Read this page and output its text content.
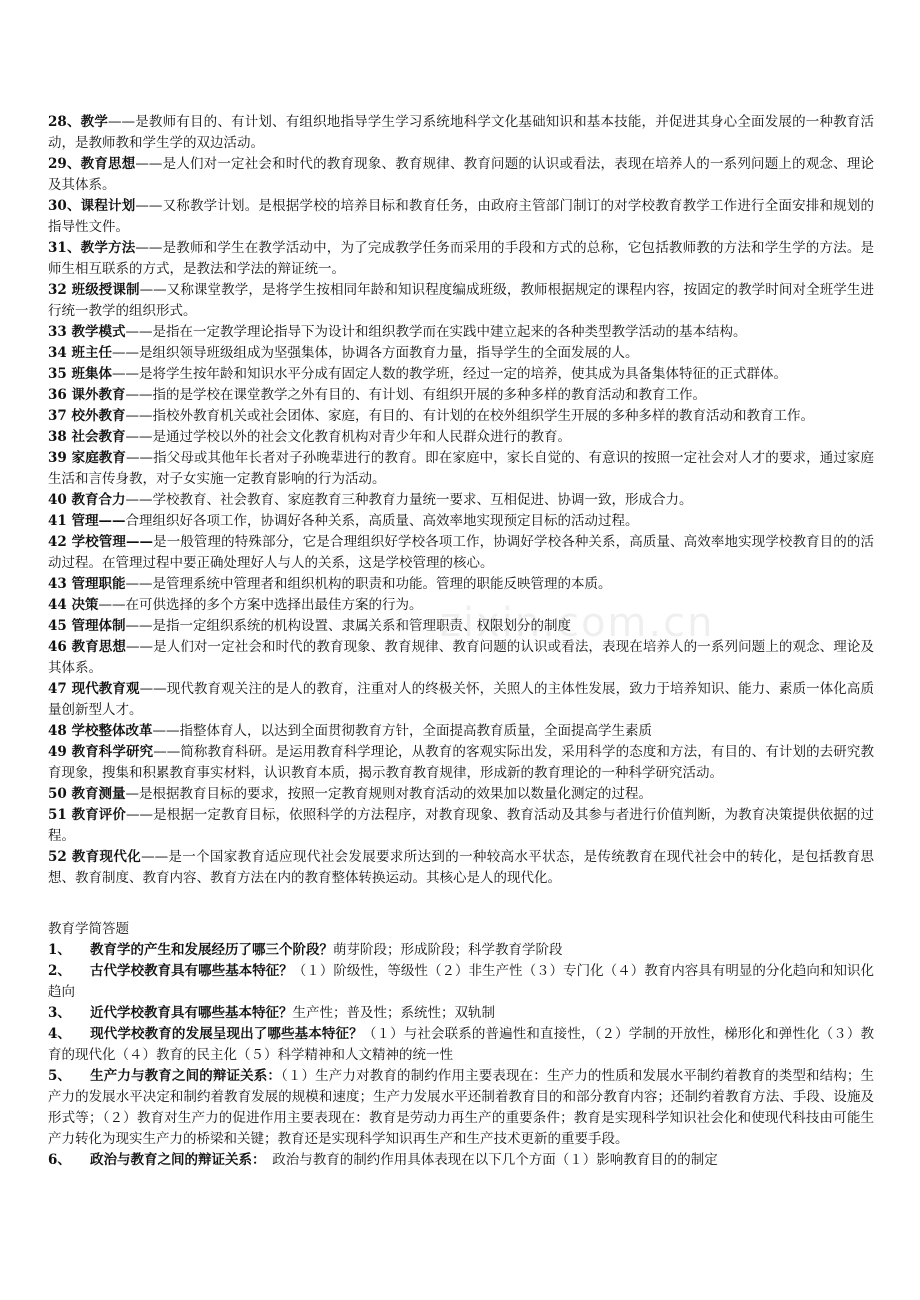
28、教学——是教师有目的、有计划、有组织地指导学生学习系统地科学文化基础知识和基本技能，并促进其身心全面发展的一种教育活动，是教师教和学生学的双边活动。

29、教育思想——是人们对一定社会和时代的教育现象、教育规律、教育问题的认识或看法，表现在培养人的一系列问题上的观念、理论及其体系。

30、课程计划——又称教学计划。是根据学校的培养目标和教育任务，由政府主管部门制订的对学校教育教学工作进行全面安排和规划的指导性文件。

31、教学方法——是教师和学生在教学活动中，为了完成教学任务而采用的手段和方式的总称，它包括教师教的方法和学生学的方法。是师生相互联系的方式，是教法和学法的辩证统一。

32 班级授课制——又称课堂教学，是将学生按相同年龄和知识程度编成班级，教师根据规定的课程内容，按固定的教学时间对全班学生进行统一教学的组织形式。

33 教学模式——是指在一定教学理论指导下为设计和组织教学而在实践中建立起来的各种类型教学活动的基本结构。

34 班主任——是组织领导班级组成为坚强集体，协调各方面教育力量，指导学生的全面发展的人。

35 班集体——是将学生按年龄和知识水平分成有固定人数的教学班，经过一定的培养，使其成为具备集体特征的正式群体。

36 课外教育——指的是学校在课堂教学之外有目的、有计划、有组织开展的多种多样的教育活动和教育工作。

37 校外教育——指校外教育机关或社会团体、家庭，有目的、有计划的在校外组织学生开展的多种多样的教育活动和教育工作。

38 社会教育——是通过学校以外的社会文化教育机构对青少年和人民群众进行的教育。

39 家庭教育——指父母或其他年长者对子孙晚辈进行的教育。即在家庭中，家长自觉的、有意识的按照一定社会对人才的要求，通过家庭生活和言传身教，对子女实施一定教育影响的行为活动。

40 教育合力——学校教育、社会教育、家庭教育三种教育力量统一要求、互相促进、协调一致，形成合力。

41 管理——合理组织好各项工作，协调好各种关系，高质量、高效率地实现预定目标的活动过程。

42 学校管理——是一般管理的特殊部分，它是合理组织好学校各项工作，协调好学校各种关系，高质量、高效率地实现学校教育目的的活动过程。在管理过程中要正确处理好人与人的关系，这是学校管理的核心。

43 管理职能——是管理系统中管理者和组织机构的职责和功能。管理的职能反映管理的本质。

44 决策——在可供选择的多个方案中选择出最佳方案的行为。

45 管理体制——是指一定组织系统的机构设置、隶属关系和管理职责、权限划分的制度

46 教育思想——是人们对一定社会和时代的教育现象、教育规律、教育问题的认识或看法，表现在培养人的一系列问题上的观念、理论及其体系。

47 现代教育观——现代教育观关注的是人的教育，注重对人的终极关怀，关照人的主体性发展，致力于培养知识、能力、素质一体化高质量创新型人才。

48 学校整体改革——指整体育人，以达到全面贯彻教育方针，全面提高教育质量，全面提高学生素质

49 教育科学研究——简称教育科研。是运用教育科学理论，从教育的客观实际出发，采用科学的态度和方法，有目的、有计划的去研究教育现象，搜集和积累教育事实材料，认识教育本质，揭示教育教育规律，形成新的教育理论的一种科学研究活动。

50 教育测量—是根据教育目标的要求，按照一定教育规则对教育活动的效果加以数量化测定的过程。

51 教育评价——是根据一定教育目标，依照科学的方法程序，对教育现象、教育活动及其参与者进行价值判断，为教育决策提供依据的过程。

52 教育现代化——是一个国家教育适应现代社会发展要求所达到的一种较高水平状态，是传统教育在现代社会中的转化，是包括教育思想、教育制度、教育内容、教育方法在内的教育整体转换运动。其核心是人的现代化。

教育学简答题

1、 教育学的产生和发展经历了哪三个阶段？萌芽阶段；形成阶段；科学教育学阶段

2、 古代学校教育具有哪些基本特征？（１）阶级性，等级性（２）非生产性（３）专门化（４）教育内容具有明显的分化趋向和知识化趋向

3、 近代学校教育具有哪些基本特征？生产性；普及性；系统性；双轨制

4、 现代学校教育的发展呈现出了哪些基本特征？（１）与社会联系的普遍性和直接性，（２）学制的开放性，梯形化和弹性化（３）教育的现代化（４）教育的民主化（５）科学精神和人文精神的统一性

5、 生产力与教育之间的辩证关系：（１）生产力对教育的制约作用主要表现在：生产力的性质和发展水平制约着教育的类型和结构；生产力的发展水平决定和制约着教育发展的规模和速度；生产力发展水平还制着教育目的和部分教育内容；还制约着教育方法、手段、设施及形式等；（２）教育对生产力的促进作用主要表现在：教育是劳动力再生产的重要条件；教育是实现科学知识社会化和使现代科技由可能生产力转化为现实生产力的桥梁和关键；教育还是实现科学知识再生产和生产技术更新的重要手段。

6、 政治与教育之间的辩证关系：　政治与教育的制约作用具体表现在以下几个方面（１）影响教育目的的制定

zixin.com.cn
